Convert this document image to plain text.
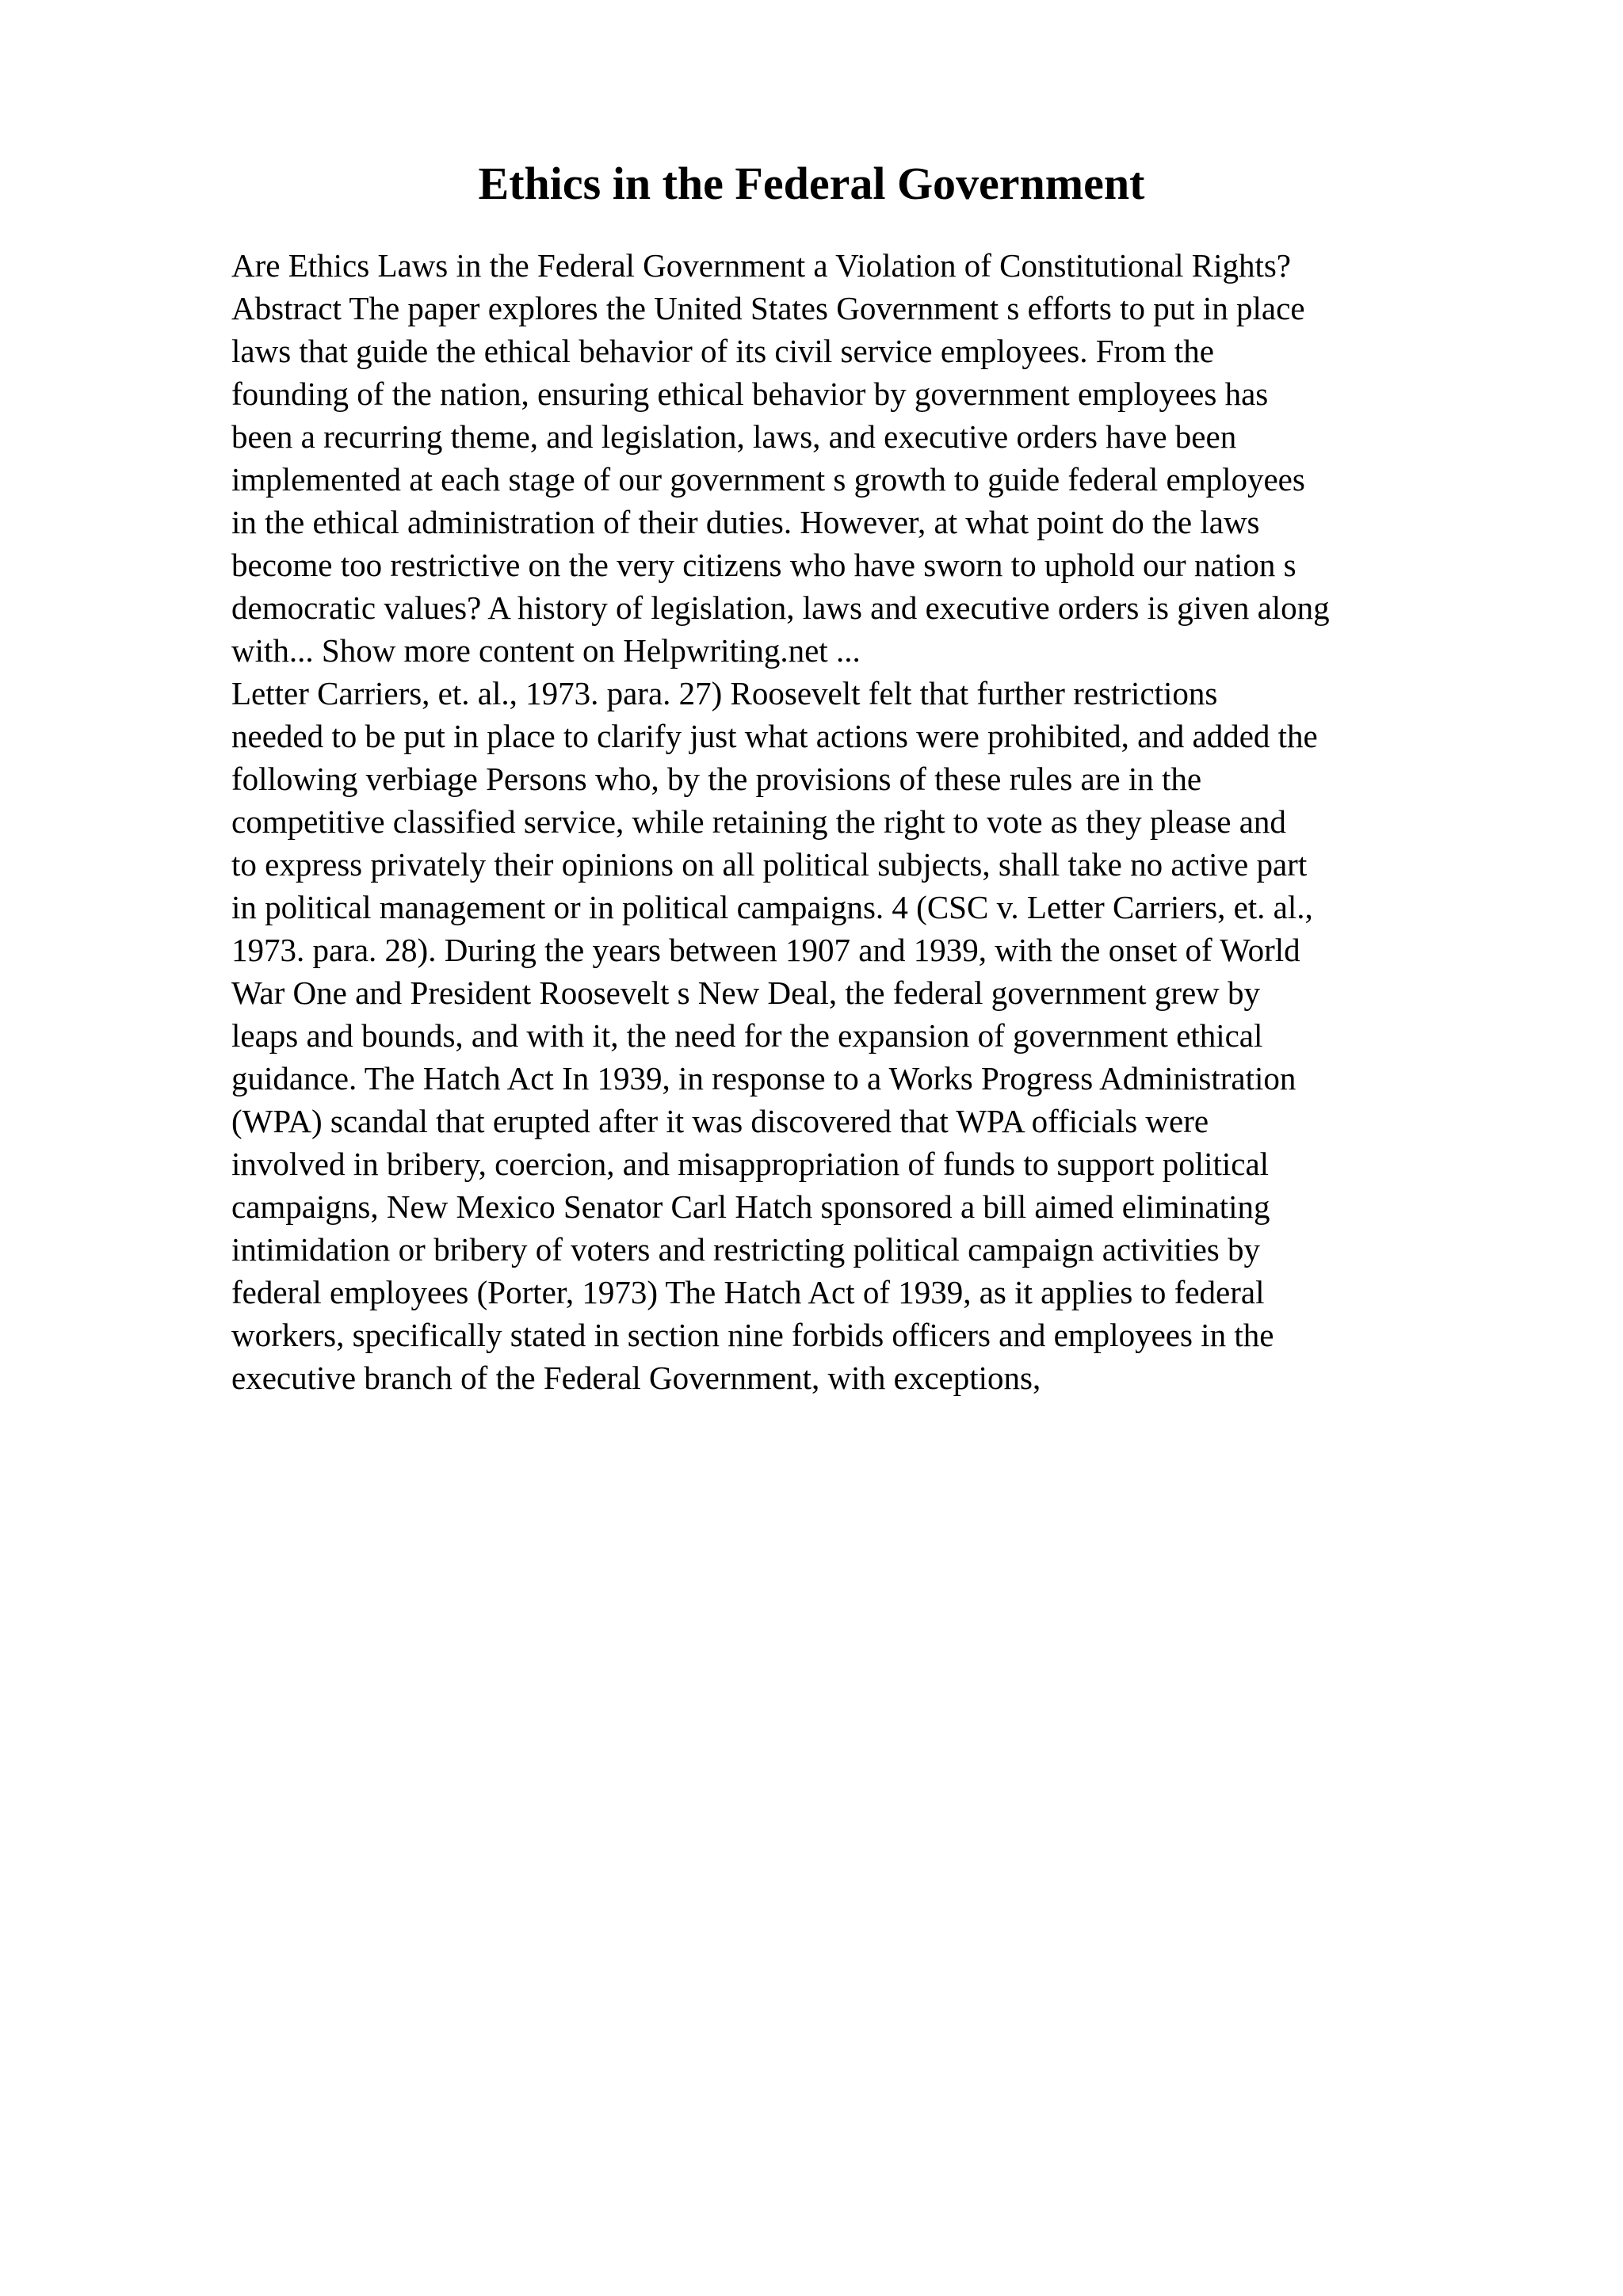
Ethics in the Federal Government
Are Ethics Laws in the Federal Government a Violation of Constitutional Rights?
Abstract The paper explores the United States Government s efforts to put in place
laws that guide the ethical behavior of its civil service employees. From the
founding of the nation, ensuring ethical behavior by government employees has
been a recurring theme, and legislation, laws, and executive orders have been
implemented at each stage of our government s growth to guide federal employees
in the ethical administration of their duties. However, at what point do the laws
become too restrictive on the very citizens who have sworn to uphold our nation s
democratic values? A history of legislation, laws and executive orders is given along
with... Show more content on Helpwriting.net ...
Letter Carriers, et. al., 1973. para. 27) Roosevelt felt that further restrictions
needed to be put in place to clarify just what actions were prohibited, and added the
following verbiage Persons who, by the provisions of these rules are in the
competitive classified service, while retaining the right to vote as they please and
to express privately their opinions on all political subjects, shall take no active part
in political management or in political campaigns. 4 (CSC v. Letter Carriers, et. al.,
1973. para. 28). During the years between 1907 and 1939, with the onset of World
War One and President Roosevelt s New Deal, the federal government grew by
leaps and bounds, and with it, the need for the expansion of government ethical
guidance. The Hatch Act In 1939, in response to a Works Progress Administration
(WPA) scandal that erupted after it was discovered that WPA officials were
involved in bribery, coercion, and misappropriation of funds to support political
campaigns, New Mexico Senator Carl Hatch sponsored a bill aimed eliminating
intimidation or bribery of voters and restricting political campaign activities by
federal employees (Porter, 1973) The Hatch Act of 1939, as it applies to federal
workers, specifically stated in section nine forbids officers and employees in the
executive branch of the Federal Government, with exceptions,
